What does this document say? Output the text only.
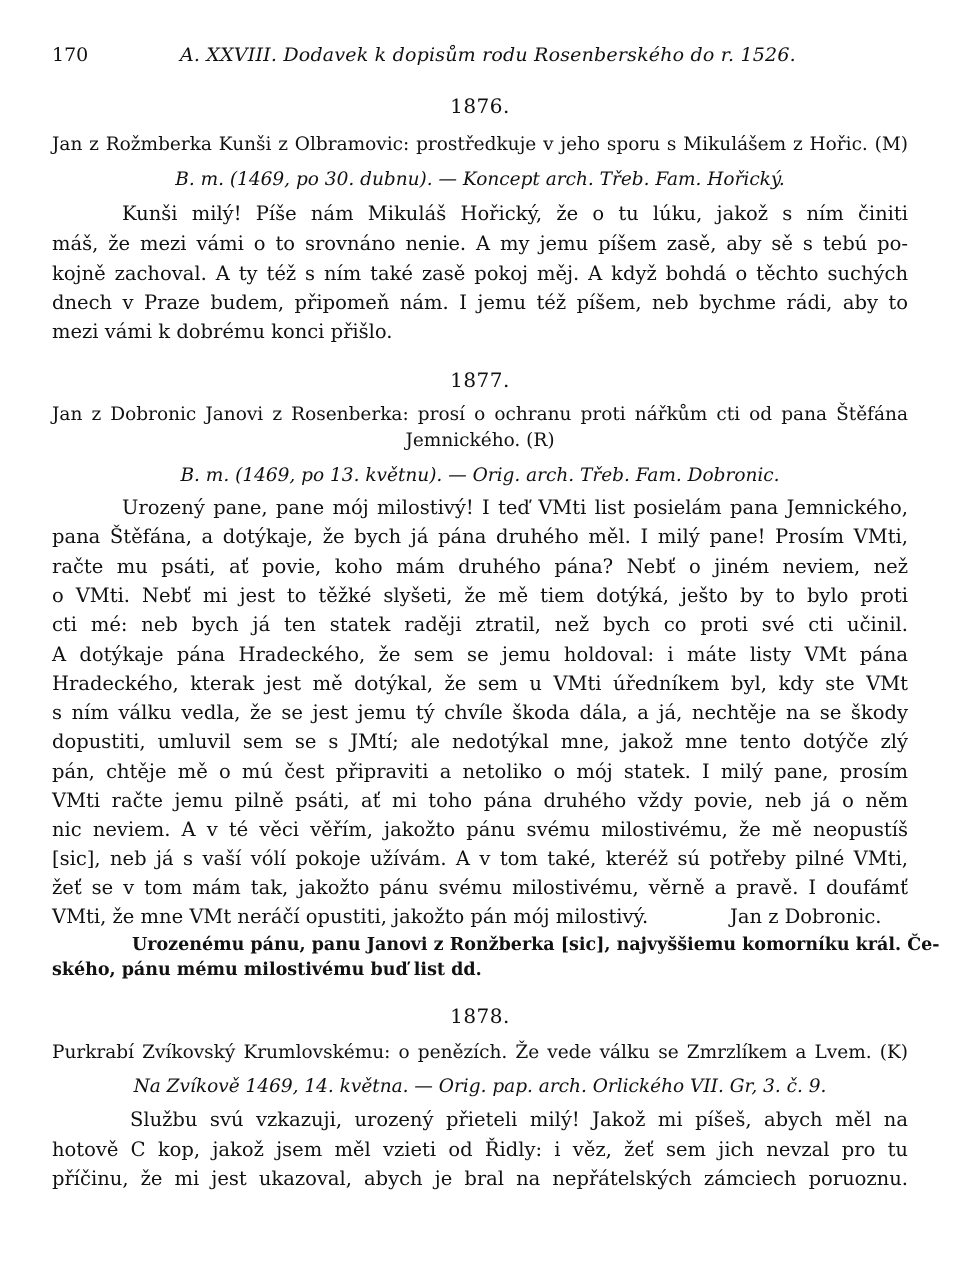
170	A. XXVIII. Dodavek k dopisům rodu Rosenberského do r. 1526.
1876.
Jan z Rožmberka Kunši z Olbramovic: prostředkuje v jeho sporu s Mikulášem z Hořic. (M)
B. m. (1469, po 30. dubnu). — Koncept arch. Třeb. Fam. Hořický.
Kunši milý! Píše nám Mikuláš Hořický, že o tu lúku, jakož s ním činiti
máš, že mezi vámi o to srovnáno nenie. A my jemu píšem zasě, aby sě s tebú po-
kojně zachoval. A ty též s ním také zasě pokoj měj. A když bohdá o těchto suchých
dnech v Praze budem, připomeň nám. I jemu též píšem, neb bychme rádi, aby to
mezi vámi k dobrému konci přišlo.
1877.
Jan z Dobronic Janovi z Rosenberka: prosí o ochranu proti nářkům cti od pana Štěfána
Jemnického. (R)
B. m. (1469, po 13. květnu). — Orig. arch. Třeb. Fam. Dobronic.
Urozený pane, pane mój milostivý! I teď VMti list posielám pana Jemnického,
pana Štěfána, a dotýkaje, že bych já pána druhého měl. I milý pane! Prosím VMti,
račte mu psáti, ať povie, koho mám druhého pána? Nebť o jiném neviem, než
o VMti. Nebť mi jest to těžké slyšeti, že mě tiem dotýká, ješto by to bylo proti
cti mé: neb bych já ten statek raději ztratil, než bych co proti své cti učinil.
A dotýkaje pána Hradeckého, že sem se jemu holdoval: i máte listy VMt pána
Hradeckého, kterak jest mě dotýkal, že sem u VMti úředníkem byl, kdy ste VMt
s ním válku vedla, že se jest jemu tý chvíle škoda dála, a já, nechtěje na se škody
dopustiti, umluvil sem se s JMtí; ale nedotýkal mne, jakož mne tento dotýče zlý
pán, chtěje mě o mú čest připraviti a netoliko o mój statek. I milý pane, prosím
VMti račte jemu pilně psáti, ať mi toho pána druhého vždy povie, neb já o něm
nic neviem. A v té věci věřím, jakožto pánu svému milostivému, že mě neopustíš
[sic], neb já s vaší vólí pokoje užívám. A v tom také, kteréž sú potřeby pilné VMti,
žeť se v tom mám tak, jakožto pánu svému milostivému, věrně a pravě. I doufámť
VMti, že mne VMt neráčí opustiti, jakožto pán mój milostivý.	Jan z Dobronic.
Urozenému pánu, panu Janovi z Ronžberka [sic], najvyššiemu komorníku král. Če-
ského, pánu mému milostivému buď list dd.
1878.
Purkrabí Zvíkovský Krumlovskému: o penězích. Že vede válku se Zmrzlíkem a Lvem. (K)
Na Zvíkově 1469, 14. května. — Orig. pap. arch. Orlického VII. Gr, 3. č. 9.
Službu svú vzkazuji, urozený přieteli milý! Jakož mi píšeš, abych měl na
hotově C kop, jakož jsem měl vzieti od Řidly: i věz, žeť sem jich nevzal pro tu
příčinu, že mi jest ukazoval, abych je bral na nepřátelských zámciech poruoznu.
